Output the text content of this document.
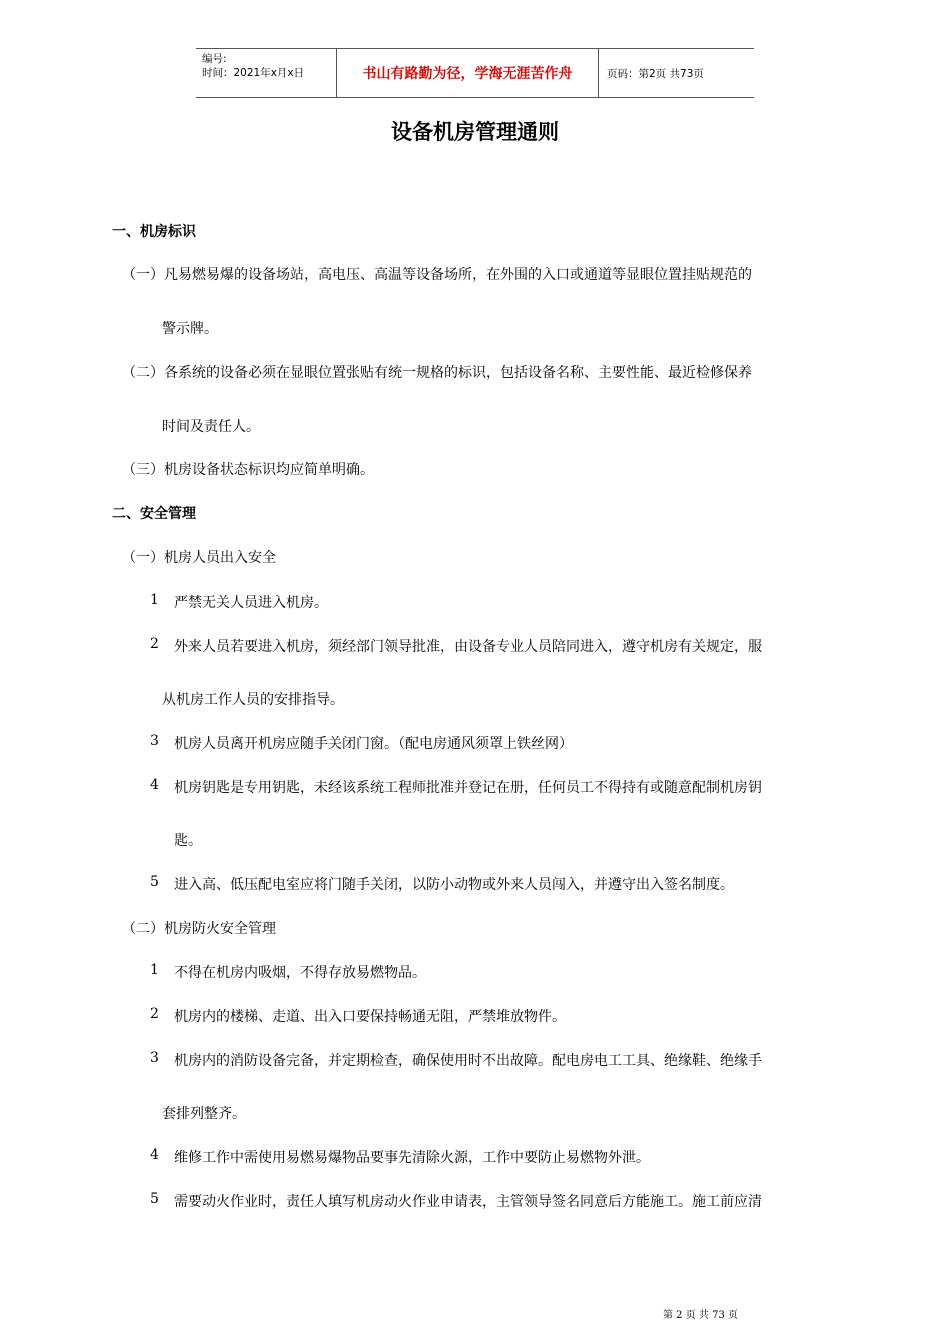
编号:
时间：2021年x月x日	书山有路勤为径，学海无涯苦作舟	页码：第2页 共73页
设备机房管理通则
一、机房标识
（一）凡易燃易爆的设备场站，高电压、高温等设备场所，在外围的入口或通道等显眼位置挂贴规范的
警示牌。
（二）各系统的设备必须在显眼位置张贴有统一规格的标识，包括设备名称、主要性能、最近检修保养
时间及责任人。
（三）机房设备状态标识均应简单明确。
二、安全管理
（一）机房人员出入安全
1 严禁无关人员进入机房。
2 外来人员若要进入机房，须经部门领导批准，由设备专业人员陪同进入，遵守机房有关规定，服
从机房工作人员的安排指导。
3 机房人员离开机房应随手关闭门窗。（配电房通风须罩上铁丝网）
4 机房钥匙是专用钥匙，未经该系统工程师批准并登记在册，任何员工不得持有或随意配制机房钥
匙。
5 进入高、低压配电室应将门随手关闭，以防小动物或外来人员闯入，并遵守出入签名制度。
（二）机房防火安全管理
1 不得在机房内吸烟，不得存放易燃物品。
2 机房内的楼梯、走道、出入口要保持畅通无阻，严禁堆放物件。
3 机房内的消防设备完备，并定期检查，确保使用时不出故障。配电房电工工具、绝缘鞋、绝缘手
套排列整齐。
4 维修工作中需使用易燃易爆物品要事先清除火源，工作中要防止易燃物外泄。
5 需要动火作业时，责任人填写机房动火作业申请表，主管领导签名同意后方能施工。施工前应清
第 2 页 共 73 页
